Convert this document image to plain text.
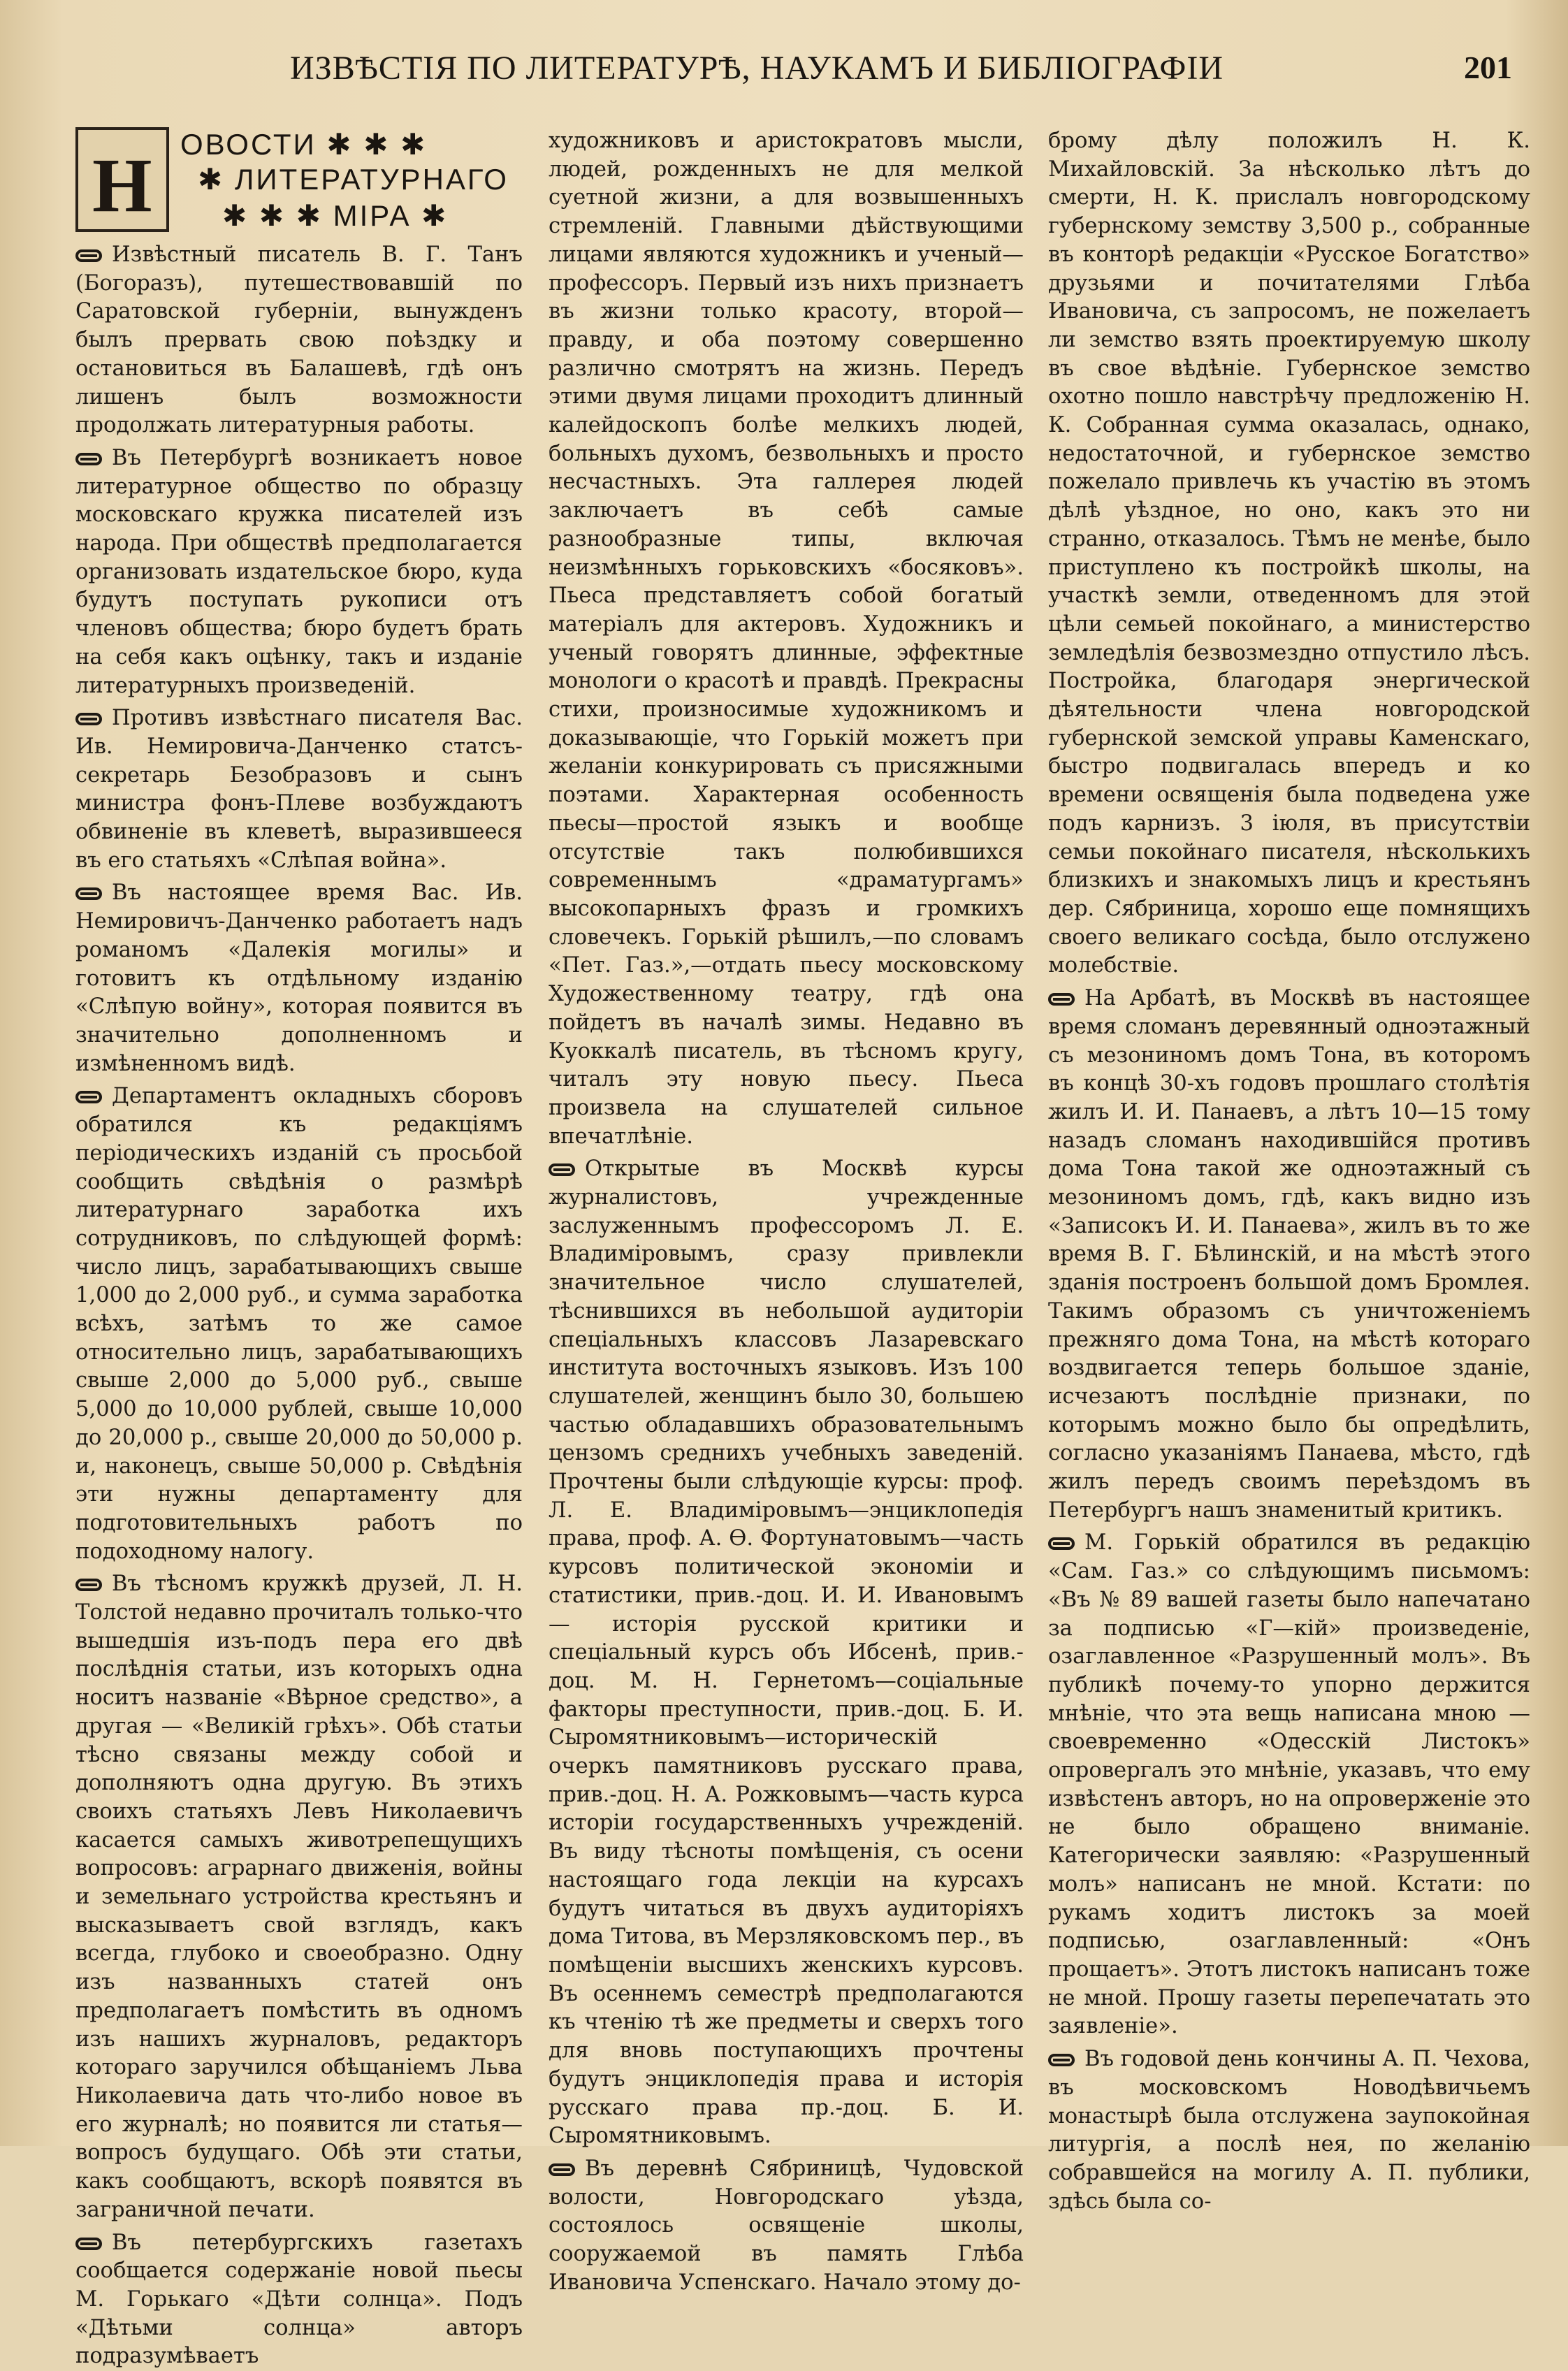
ИЗВѢСТІЯ ПО ЛИТЕРАТУРѢ, НАУКАМЪ И БИБЛІОГРАФІИ	201
Н ОВОСТИ ✱ ✱ ✱
✱ ЛИТЕРАТУРНАГО
✱ ✱ ✱ МІРА ✱

Извѣстный писатель В. Г. Танъ (Богоразъ), путешествовавшій по Саратовской губерніи, вынужденъ былъ прервать свою поѣздку и остановиться въ Балашевѣ, гдѣ онъ лишенъ былъ возможности продолжать литературныя работы.

Въ Петербургѣ возникаетъ новое литературное общество по образцу московскаго кружка писателей изъ народа. При обществѣ предполагается организовать издательское бюро, куда будутъ поступать рукописи отъ членовъ общества; бюро будетъ брать на себя какъ оцѣнку, такъ и изданіе литературныхъ произведеній.

Противъ извѣстнаго писателя Вас. Ив. Немировича-Данченко статсъ-секретарь Безобразовъ и сынъ министра фонъ-Плеве возбуждаютъ обвиненіе въ клеветѣ, выразившееся въ его статьяхъ «Слѣпая война».

Въ настоящее время Вас. Ив. Немировичъ-Данченко работаетъ надъ романомъ «Далекія могилы» и готовитъ къ отдѣльному изданію «Слѣпую войну», которая появится въ значительно дополненномъ и измѣненномъ видѣ.

Департаментъ окладныхъ сборовъ обратился къ редакціямъ періодическихъ изданій съ просьбой сообщить свѣдѣнія о размѣрѣ литературнаго заработка ихъ сотрудниковъ, по слѣдующей формѣ: число лицъ, зарабатывающихъ свыше 1,000 до 2,000 руб., и сумма заработка всѣхъ, затѣмъ то же самое относительно лицъ, зарабатывающихъ свыше 2,000 до 5,000 руб., свыше 5,000 до 10,000 рублей, свыше 10,000 до 20,000 р., свыше 20,000 до 50,000 р. и, наконецъ, свыше 50,000 р. Свѣдѣнія эти нужны департаменту для подготовительныхъ работъ по подоходному налогу.

Въ тѣсномъ кружкѣ друзей, Л. Н. Толстой недавно прочиталъ только-что вышедшія изъ-подъ пера его двѣ послѣднія статьи, изъ которыхъ одна носитъ названіе «Вѣрное средство», а другая — «Великій грѣхъ». Обѣ статьи тѣсно связаны между собой и дополняютъ одна другую. Въ этихъ своихъ статьяхъ Левъ Николаевичъ касается самыхъ животрепещущихъ вопросовъ: аграрнаго движенія, войны и земельнаго устройства крестьянъ и высказываетъ свой взглядъ, какъ всегда, глубоко и своеобразно. Одну изъ названныхъ статей онъ предполагаетъ помѣстить въ одномъ изъ нашихъ журналовъ, редакторъ котораго заручился обѣщаніемъ Льва Николаевича дать что-либо новое въ его журналѣ; но появится ли статья—вопросъ будущаго. Обѣ эти статьи, какъ сообщаютъ, вскорѣ появятся въ заграничной печати.

Въ петербургскихъ газетахъ сообщается содержаніе новой пьесы М. Горькаго «Дѣти солнца». Подъ «Дѣтьми солнца» авторъ подразумѣваетъ

художниковъ и аристократовъ мысли, людей, рожденныхъ не для мелкой суетной жизни, а для возвышенныхъ стремленій. Главными дѣйствующими лицами являются художникъ и ученый—профессоръ. Первый изъ нихъ признаетъ въ жизни только красоту, второй—правду, и оба поэтому совершенно различно смотрятъ на жизнь. Передъ этими двумя лицами проходитъ длинный калейдоскопъ болѣе мелкихъ людей, больныхъ духомъ, безвольныхъ и просто несчастныхъ. Эта галлерея людей заключаетъ въ себѣ самые разнообразные типы, включая неизмѣнныхъ горьковскихъ «босяковъ». Пьеса представляетъ собой богатый матеріалъ для актеровъ. Художникъ и ученый говорятъ длинные, эффектные монологи о красотѣ и правдѣ. Прекрасны стихи, произносимые художникомъ и доказывающіе, что Горькій можетъ при желаніи конкурировать съ присяжными поэтами. Характерная особенность пьесы—простой языкъ и вообще отсутствіе такъ полюбившихся современнымъ «драматургамъ» высокопарныхъ фразъ и громкихъ словечекъ. Горькій рѣшилъ,—по словамъ «Пет. Газ.»,—отдать пьесу московскому Художественному театру, гдѣ она пойдетъ въ началѣ зимы. Недавно въ Куоккалѣ писатель, въ тѣсномъ кругу, читалъ эту новую пьесу. Пьеса произвела на слушателей сильное впечатлѣніе.

Открытые въ Москвѣ курсы журналистовъ, учрежденные заслуженнымъ профессоромъ Л. Е. Владиміровымъ, сразу привлекли значительное число слушателей, тѣснившихся въ небольшой аудиторіи спеціальныхъ классовъ Лазаревскаго института восточныхъ языковъ. Изъ 100 слушателей, женщинъ было 30, большею частью обладавшихъ образовательнымъ цензомъ среднихъ учебныхъ заведеній. Прочтены были слѣдующіе курсы: проф. Л. Е. Владиміровымъ—энциклопедія права, проф. А. Ѳ. Фортунатовымъ—часть курсовъ политической экономіи и статистики, прив.-доц. И. И. Ивановымъ — исторія русской критики и спеціальный курсъ объ Ибсенѣ, прив.-доц. М. Н. Гернетомъ—соціальные факторы преступности, прив.-доц. Б. И. Сыромятниковымъ—историческій очеркъ памятниковъ русскаго права, прив.-доц. Н. А. Рожковымъ—часть курса исторіи государственныхъ учрежденій. Въ виду тѣсноты помѣщенія, съ осени настоящаго года лекціи на курсахъ будутъ читаться въ двухъ аудиторіяхъ дома Титова, въ Мерзляковскомъ пер., въ помѣщеніи высшихъ женскихъ курсовъ. Въ осеннемъ семестрѣ предполагаются къ чтенію тѣ же предметы и сверхъ того для вновь поступающихъ прочтены будутъ энциклопедія права и исторія русскаго права пр.-доц. Б. И. Сыромятниковымъ.

Въ деревнѣ Сябриницѣ, Чудовской волости, Новгородскаго уѣзда, состоялось освященіе школы, сооружаемой въ память Глѣба Ивановича Успенскаго. Начало этому до-

брому дѣлу положилъ Н. К. Михайловскій. За нѣсколько лѣтъ до смерти, Н. К. прислалъ новгородскому губернскому земству 3,500 р., собранные въ конторѣ редакціи «Русское Богатство» друзьями и почитателями Глѣба Ивановича, съ запросомъ, не пожелаетъ ли земство взять проектируемую школу въ свое вѣдѣніе. Губернское земство охотно пошло навстрѣчу предложенію Н. К. Собранная сумма оказалась, однако, недостаточной, и губернское земство пожелало привлечь къ участію въ этомъ дѣлѣ уѣздное, но оно, какъ это ни странно, отказалось. Тѣмъ не менѣе, было приступлено къ постройкѣ школы, на участкѣ земли, отведенномъ для этой цѣли семьей покойнаго, а министерство земледѣлія безвозмездно отпустило лѣсъ. Постройка, благодаря энергической дѣятельности члена новгородской губернской земской управы Каменскаго, быстро подвигалась впередъ и ко времени освященія была подведена уже подъ карнизъ. 3 іюля, въ присутствіи семьи покойнаго писателя, нѣсколькихъ близкихъ и знакомыхъ лицъ и крестьянъ дер. Сябриница, хорошо еще помнящихъ своего великаго сосѣда, было отслужено молебствіе.

На Арбатѣ, въ Москвѣ въ настоящее время сломанъ деревянный одноэтажный съ мезониномъ домъ Тона, въ которомъ въ концѣ 30-хъ годовъ прошлаго столѣтія жилъ И. И. Панаевъ, а лѣтъ 10—15 тому назадъ сломанъ находившійся противъ дома Тона такой же одноэтажный съ мезониномъ домъ, гдѣ, какъ видно изъ «Записокъ И. И. Панаева», жилъ въ то же время В. Г. Бѣлинскій, и на мѣстѣ этого зданія построенъ большой домъ Бромлея. Такимъ образомъ съ уничтоженіемъ прежняго дома Тона, на мѣстѣ котораго воздвигается теперь большое зданіе, исчезаютъ послѣдніе признаки, по которымъ можно было бы опредѣлить, согласно указаніямъ Панаева, мѣсто, гдѣ жилъ передъ своимъ переѣздомъ въ Петербургъ нашъ знаменитый критикъ.

М. Горькій обратился въ редакцію «Сам. Газ.» со слѣдующимъ письмомъ: «Въ № 89 вашей газеты было напечатано за подписью «Г—кій» произведеніе, озаглавленное «Разрушенный молъ». Въ публикѣ почему-то упорно держится мнѣніе, что эта вещь написана мною — своевременно «Одесскій Листокъ» опровергалъ это мнѣніе, указавъ, что ему извѣстенъ авторъ, но на опроверженіе это не было обращено вниманіе. Категорически заявляю: «Разрушенный молъ» написанъ не мной. Кстати: по рукамъ ходитъ листокъ за моей подписью, озаглавленный: «Онъ прощаетъ». Этотъ листокъ написанъ тоже не мной. Прошу газеты перепечатать это заявленіе».

Въ годовой день кончины А. П. Чехова, въ московскомъ Новодѣвичьемъ монастырѣ была отслужена заупокойная литургія, а послѣ нея, по желанію собравшейся на могилу А. П. публики, здѣсь была со-
